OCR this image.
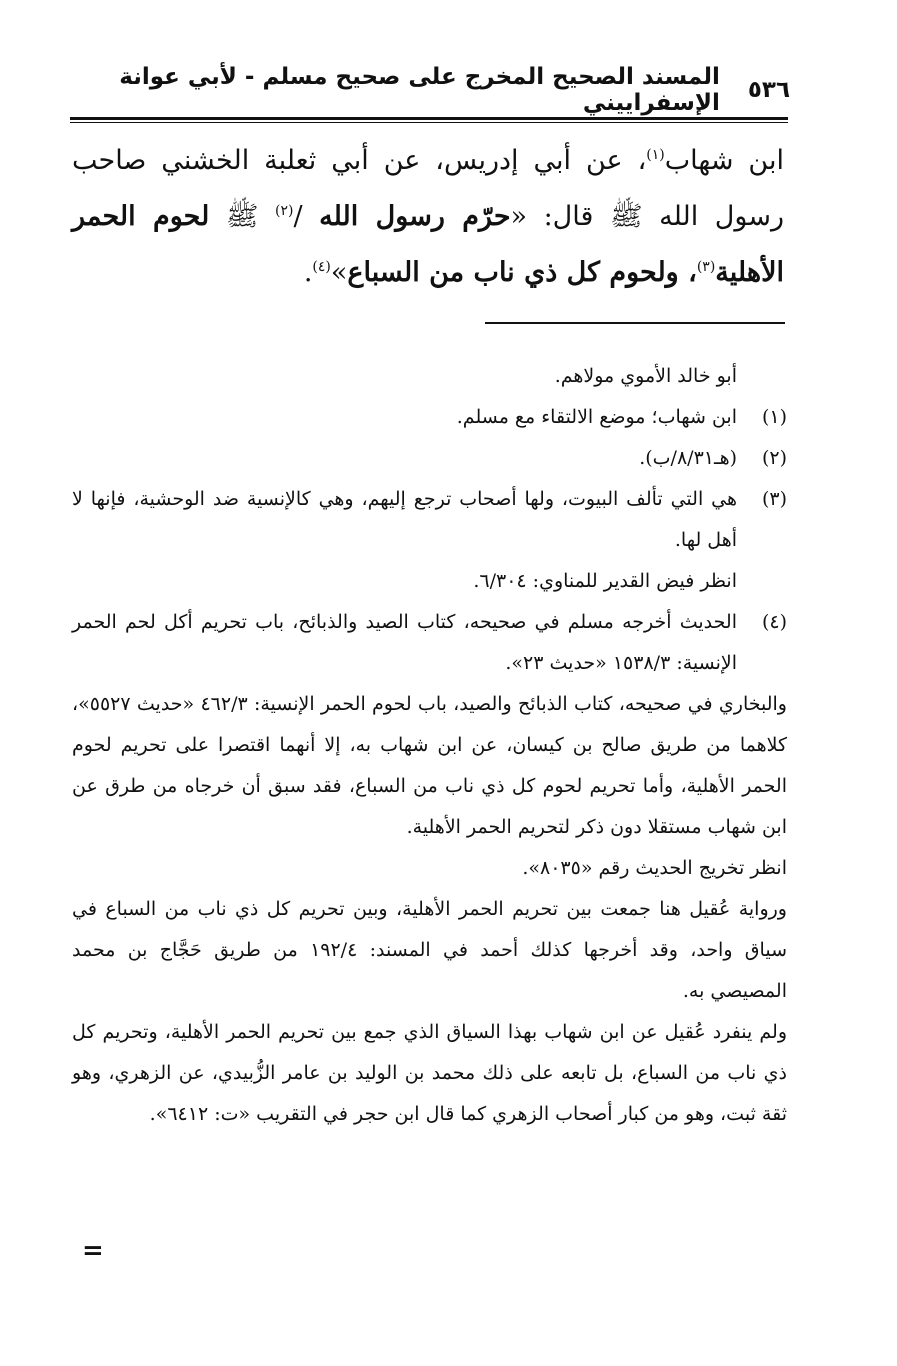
٥٣٦
المسند الصحيح المخرج على صحيح مسلم - لأبي عوانة الإسفراييني
ابن شهاب$^{(١)}$، عن أبي إدريس، عن أبي ثعلبة الخشني صاحب رسول الله ﷺ قال: «حرّم رسول الله /$^{(٢)}$ ﷺ لحوم الحمر الأهلية$^{(٣)}$، ولحوم كل ذي ناب من السباع»$^{(٤)}$.

أبو خالد الأموي مولاهم.

(١)

ابن شهاب؛ موضع الالتقاء مع مسلم.

(٢)

(هـ٨/٣١/ب).

(٣)

هي التي تألف البيوت، ولها أصحاب ترجع إليهم، وهي كالإنسية ضد الوحشية، فإنها لا أهل لها.

انظر فيض القدير للمناوي: ٦/٣٠٤.

(٤)

الحديث أخرجه مسلم في صحيحه، كتاب الصيد والذبائح، باب تحريم أكل لحم الحمر الإنسية: ١٥٣٨/٣ «حديث ٢٣».

والبخاري في صحيحه، كتاب الذبائح والصيد، باب لحوم الحمر الإنسية: ٤٦٢/٣ «حديث ٥٥٢٧»، كلاهما من طريق صالح بن كيسان، عن ابن شهاب به، إلا أنهما اقتصرا على تحريم لحوم الحمر الأهلية، وأما تحريم لحوم كل ذي ناب من السباع، فقد سبق أن خرجاه من طرق عن ابن شهاب مستقلا دون ذكر لتحريم الحمر الأهلية.

انظر تخريج الحديث رقم «٨٠٣٥».

ورواية عُقيل هنا جمعت بين تحريم الحمر الأهلية، وبين تحريم كل ذي ناب من السباع في سياق واحد، وقد أخرجها كذلك أحمد في المسند: ١٩٢/٤ من طريق حَجَّاج بن محمد المصيصي به.

ولم ينفرد عُقيل عن ابن شهاب بهذا السياق الذي جمع بين تحريم الحمر الأهلية، وتحريم كل ذي ناب من السباع، بل تابعه على ذلك محمد بن الوليد بن عامر الزُّبيدي، عن الزهري، وهو ثقة ثبت، وهو من كبار أصحاب الزهري كما قال ابن حجر في التقريب «ت: ٦٤١٢».

=
